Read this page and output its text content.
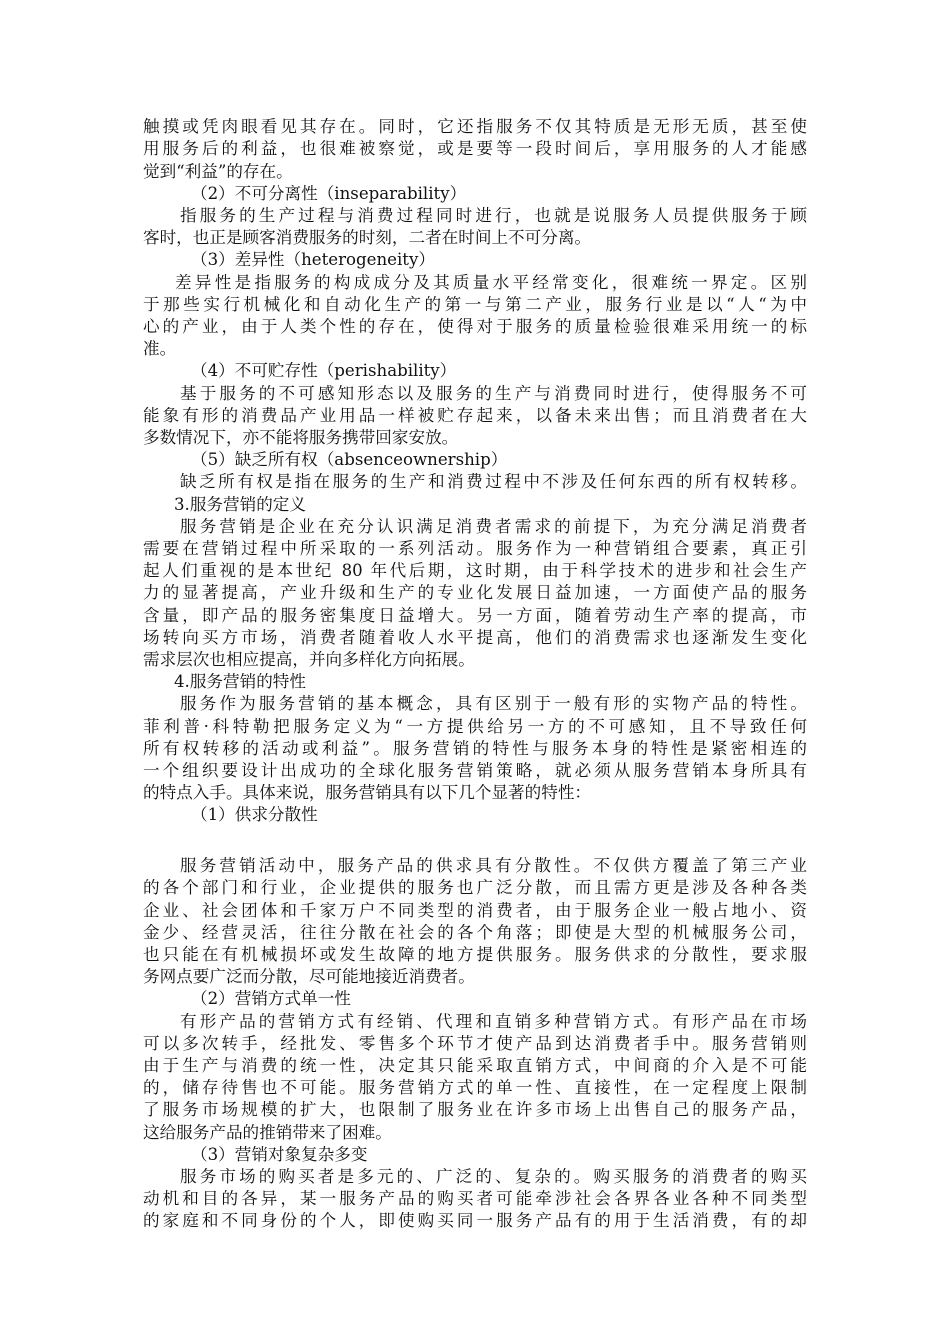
触摸或凭肉眼看见其存在。同时，它还指服务不仅其特质是无形无质，甚至使
用服务后的利益，也很难被察觉，或是要等一段时间后，享用服务的人才能感
觉到“利益”的存在。
（2）不可分离性（inseparability）
指服务的生产过程与消费过程同时进行，也就是说服务人员提供服务于顾
客时，也正是顾客消费服务的时刻，二者在时间上不可分离。
（3）差异性（heterogeneity）
差异性是指服务的构成成分及其质量水平经常变化，很难统一界定。区别
于那些实行机械化和自动化生产的第一与第二产业，服务行业是以“人“为中
心的产业，由于人类个性的存在，使得对于服务的质量检验很难采用统一的标
准。
（4）不可贮存性（perishability）
基于服务的不可感知形态以及服务的生产与消费同时进行，使得服务不可
能象有形的消费品产业用品一样被贮存起来，以备未来出售；而且消费者在大
多数情况下，亦不能将服务携带回家安放。
（5）缺乏所有权（absenceownership）
缺乏所有权是指在服务的生产和消费过程中不涉及任何东西的所有权转移。
3.服务营销的定义
服务营销是企业在充分认识满足消费者需求的前提下，为充分满足消费者
需要在营销过程中所采取的一系列活动。服务作为一种营销组合要素，真正引
起人们重视的是本世纪 80 年代后期，这时期，由于科学技术的进步和社会生产
力的显著提高，产业升级和生产的专业化发展日益加速，一方面使产品的服务
含量，即产品的服务密集度日益增大。另一方面，随着劳动生产率的提高，市
场转向买方市场，消费者随着收人水平提高，他们的消费需求也逐渐发生变化
需求层次也相应提高，并向多样化方向拓展。
4.服务营销的特性
服务作为服务营销的基本概念，具有区别于一般有形的实物产品的特性。
菲利普·科特勒把服务定义为“一方提供给另一方的不可感知，且不导致任何
所有权转移的活动或利益”。服务营销的特性与服务本身的特性是紧密相连的
一个组织要设计出成功的全球化服务营销策略，就必须从服务营销本身所具有
的特点入手。具体来说，服务营销具有以下几个显著的特性：
（1）供求分散性
服务营销活动中，服务产品的供求具有分散性。不仅供方覆盖了第三产业
的各个部门和行业，企业提供的服务也广泛分散，而且需方更是涉及各种各类
企业、社会团体和千家万户不同类型的消费者，由于服务企业一般占地小、资
金少、经营灵活，往往分散在社会的各个角落；即使是大型的机械服务公司，
也只能在有机械损坏或发生故障的地方提供服务。服务供求的分散性，要求服
务网点要广泛而分散，尽可能地接近消费者。
（2）营销方式单一性
有形产品的营销方式有经销、代理和直销多种营销方式。有形产品在市场
可以多次转手，经批发、零售多个环节才使产品到达消费者手中。服务营销则
由于生产与消费的统一性，决定其只能采取直销方式，中间商的介入是不可能
的，储存待售也不可能。服务营销方式的单一性、直接性，在一定程度上限制
了服务市场规模的扩大，也限制了服务业在许多市场上出售自己的服务产品，
这给服务产品的推销带来了困难。
（3）营销对象复杂多变
服务市场的购买者是多元的、广泛的、复杂的。购买服务的消费者的购买
动机和目的各异，某一服务产品的购买者可能牵涉社会各界各业各种不同类型
的家庭和不同身份的个人，即使购买同一服务产品有的用于生活消费，有的却
